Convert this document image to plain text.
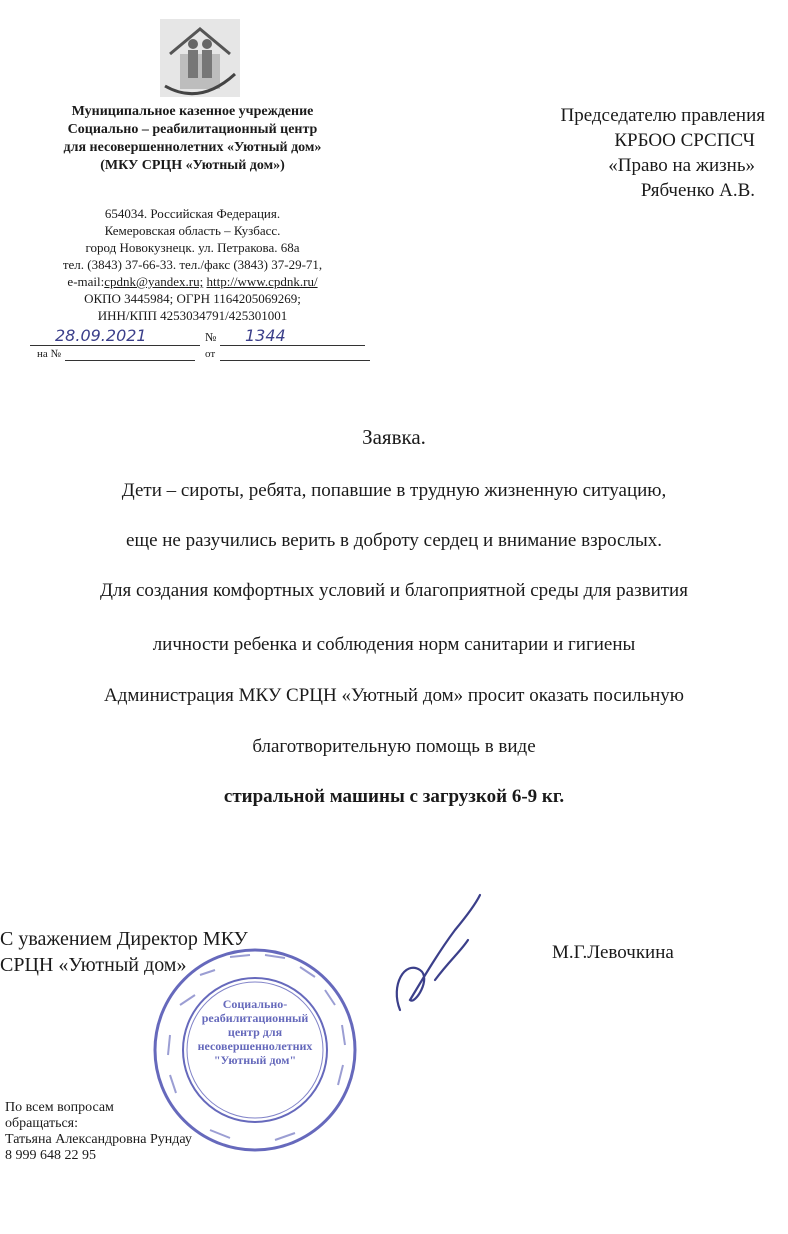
Муниципальное казенное учреждение
Социально – реабилитационный центр
для несовершеннолетних «Уютный дом»
(МКУ СРЦН «Уютный дом»)
654034. Российская Федерация.
Кемеровская область – Кузбасс.
город Новокузнецк. ул. Петракова. 68а
тел. (3843) 37-66-33. тел./факс (3843) 37-29-71,
e-mail:cpdnk@yandex.ru; http://www.cpdnk.ru/
ОКПО 3445984; ОГРН 1164205069269;
ИНН/КПП 4253034791/425301001
28.09.2021	№ 1344
на №	от
Председателю правления
КРБОО СРСПСЧ
«Право на жизнь»
Рябченко А.В.
Заявка.
Дети – сироты, ребята, попавшие в трудную жизненную ситуацию,
еще не разучились верить в доброту сердец и внимание взрослых.
Для создания комфортных условий и благоприятной среды для развития
личности ребенка и соблюдения норм санитарии и гигиены
Администрация МКУ СРЦН «Уютный дом» просит оказать посильную
благотворительную помощь в виде
стиральной машины с загрузкой 6-9 кг.
Социально-
реабилитационный
центр для
несовершеннолетних
"Уютный дом"
С уважением Директор МКУ
СРЦН «Уютный дом»
М.Г.Левочкина
По всем вопросам
обращаться:
Татьяна Александровна Рундау
8 999 648 22 95
